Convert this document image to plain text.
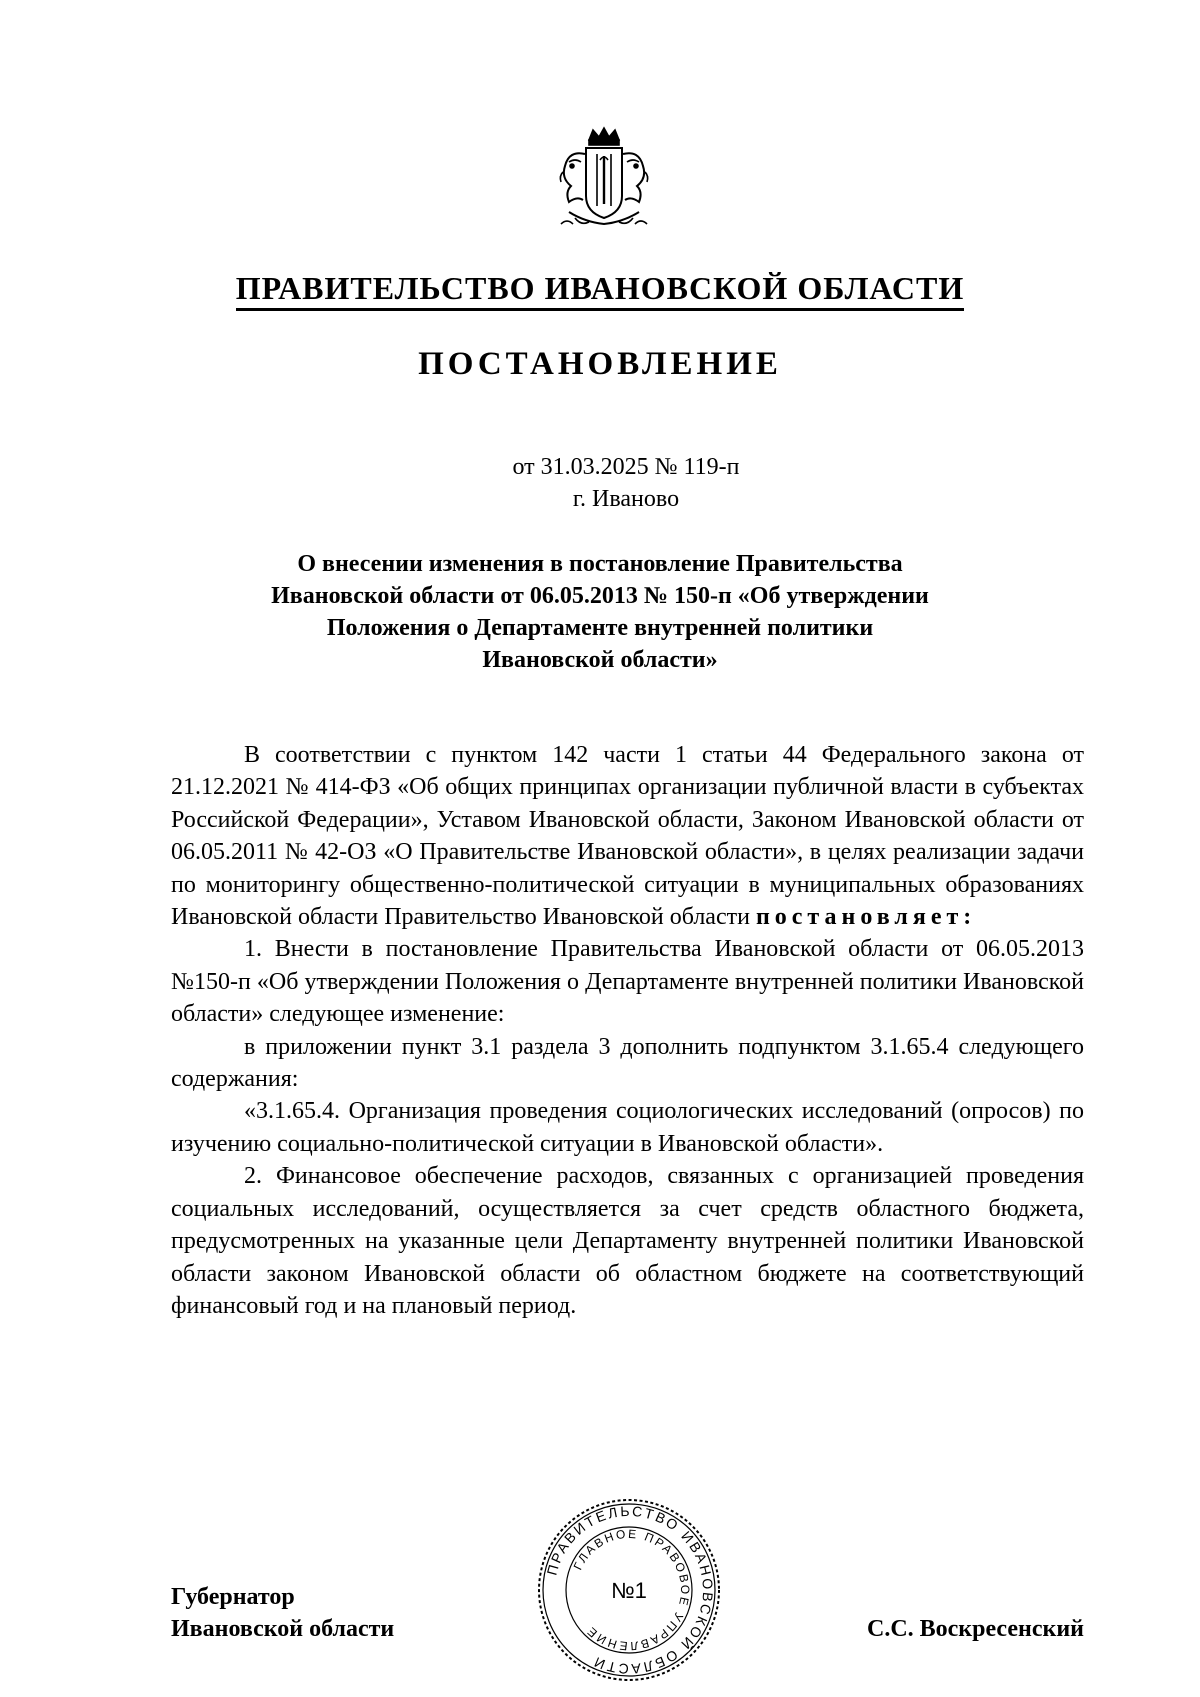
ПРАВИТЕЛЬСТВО ИВАНОВСКОЙ ОБЛАСТИ
ПОСТАНОВЛЕНИЕ
от 31.03.2025 № 119-п
г. Иваново
О внесении изменения в постановление Правительства
Ивановской области от 06.05.2013 № 150-п «Об утверждении
Положения о Департаменте внутренней политики
Ивановской области»

В соответствии с пунктом 142 части 1 статьи 44 Федерального закона от 21.12.2021 № 414-ФЗ «Об общих принципах организации публичной власти в субъектах Российской Федерации», Уставом Ивановской области, Законом Ивановской области от 06.05.2011 № 42-ОЗ «О Правительстве Ивановской области», в целях реализации задачи по мониторингу общественно-политической ситуации в муниципальных образованиях Ивановской области Правительство Ивановской области постановляет:

1. Внести в постановление Правительства Ивановской области от 06.05.2013 №150-п «Об утверждении Положения о Департаменте внутренней политики Ивановской области» следующее изменение:

в приложении пункт 3.1 раздела 3 дополнить подпунктом 3.1.65.4 следующего содержания:

«3.1.65.4. Организация проведения социологических исследований (опросов) по изучению социально-политической ситуации в Ивановской области».

2. Финансовое обеспечение расходов, связанных с организацией проведения социальных исследований, осуществляется за счет средств областного бюджета, предусмотренных на указанные цели Департаменту внутренней политики Ивановской области законом Ивановской области об областном бюджете на соответствующий финансовый год и на плановый период.

Губернатор
Ивановской области	С.С. Воскресенский
ПРАВИТЕЛЬСТВО ИВАНОВСКОЙ ОБЛАСТИ
ГЛАВНОЕ ПРАВОВОЕ УПРАВЛЕНИЕ
№1
